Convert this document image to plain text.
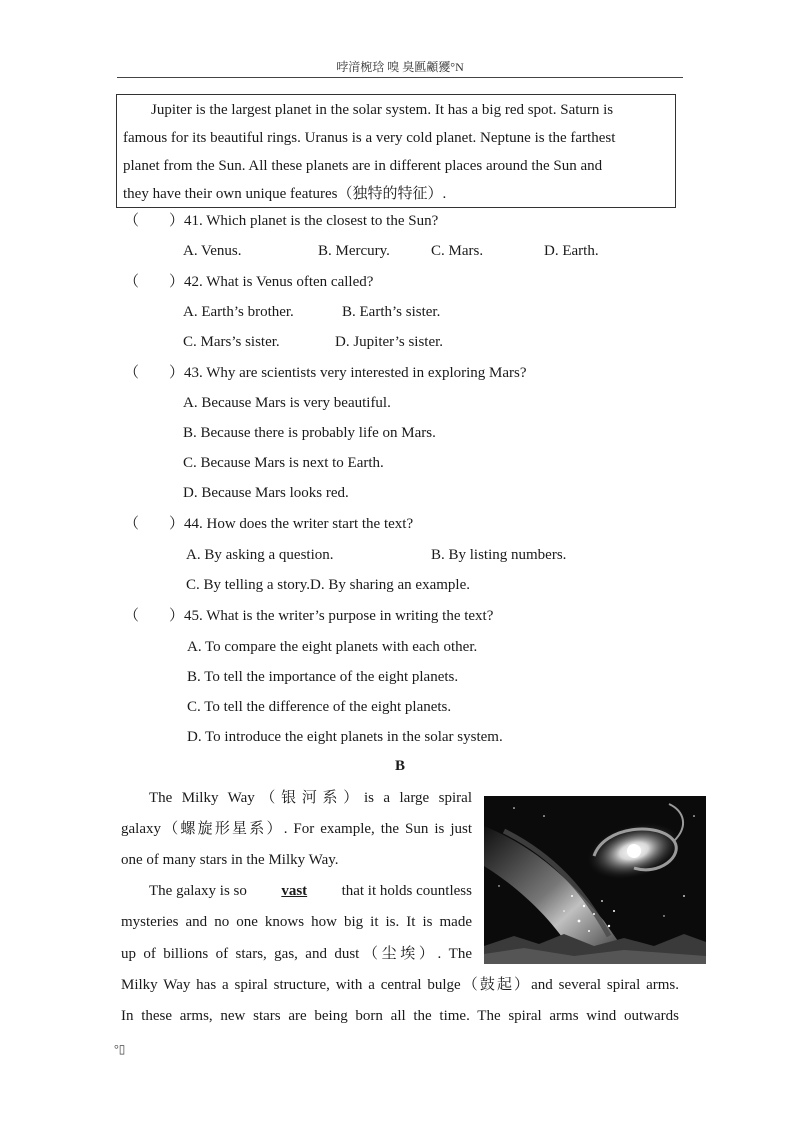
哱湇椀琀 嗅 臭㔳顪獿°N

Jupiter is the largest planet in the solar system. It has a big red spot. Saturn is

famous for its beautiful rings. Uranus is a very cold planet. Neptune is the farthest

planet from the Sun. All these planets are in different places around the Sun and

they have their own unique features（独特的特征）.

（　　）41. Which planet is the closest to the Sun?
A. Venus.	B. Mercury.	C. Mars.	D. Earth.
（　　）42. What is Venus often called?
A. Earth’s brother.	B. Earth’s sister.
C. Mars’s sister.	D. Jupiter’s sister.
（　　）43. Why are scientists very interested in exploring Mars?
A. Because Mars is very beautiful.
B. Because there is probably life on Mars.
C. Because Mars is next to Earth.
D. Because Mars looks red.
（　　）44. How does the writer start the text?
A. By asking a question.	B. By listing numbers.
C. By telling a story.D. By sharing an example.
（　　）45. What is the writer’s purpose in writing the text?
A. To compare the eight planets with each other.
B. To tell the importance of the eight planets.
C. To tell the difference of the eight planets.
D. To introduce the eight planets in the solar system.
B
The Milky Way（银河系）is a large spiral
galaxy（螺旋形星系）. For example, the Sun is just
one of many stars in the Milky Way.
The galaxy is so vast that it holds countless
mysteries and no one knows how big it is. It is made
up of billions of stars, gas, and dust（尘埃）. The
Milky Way has a spiral structure, with a central bulge（鼓起）and several spiral arms.
In these arms, new stars are being born all the time. The spiral arms wind outwards
°▯
